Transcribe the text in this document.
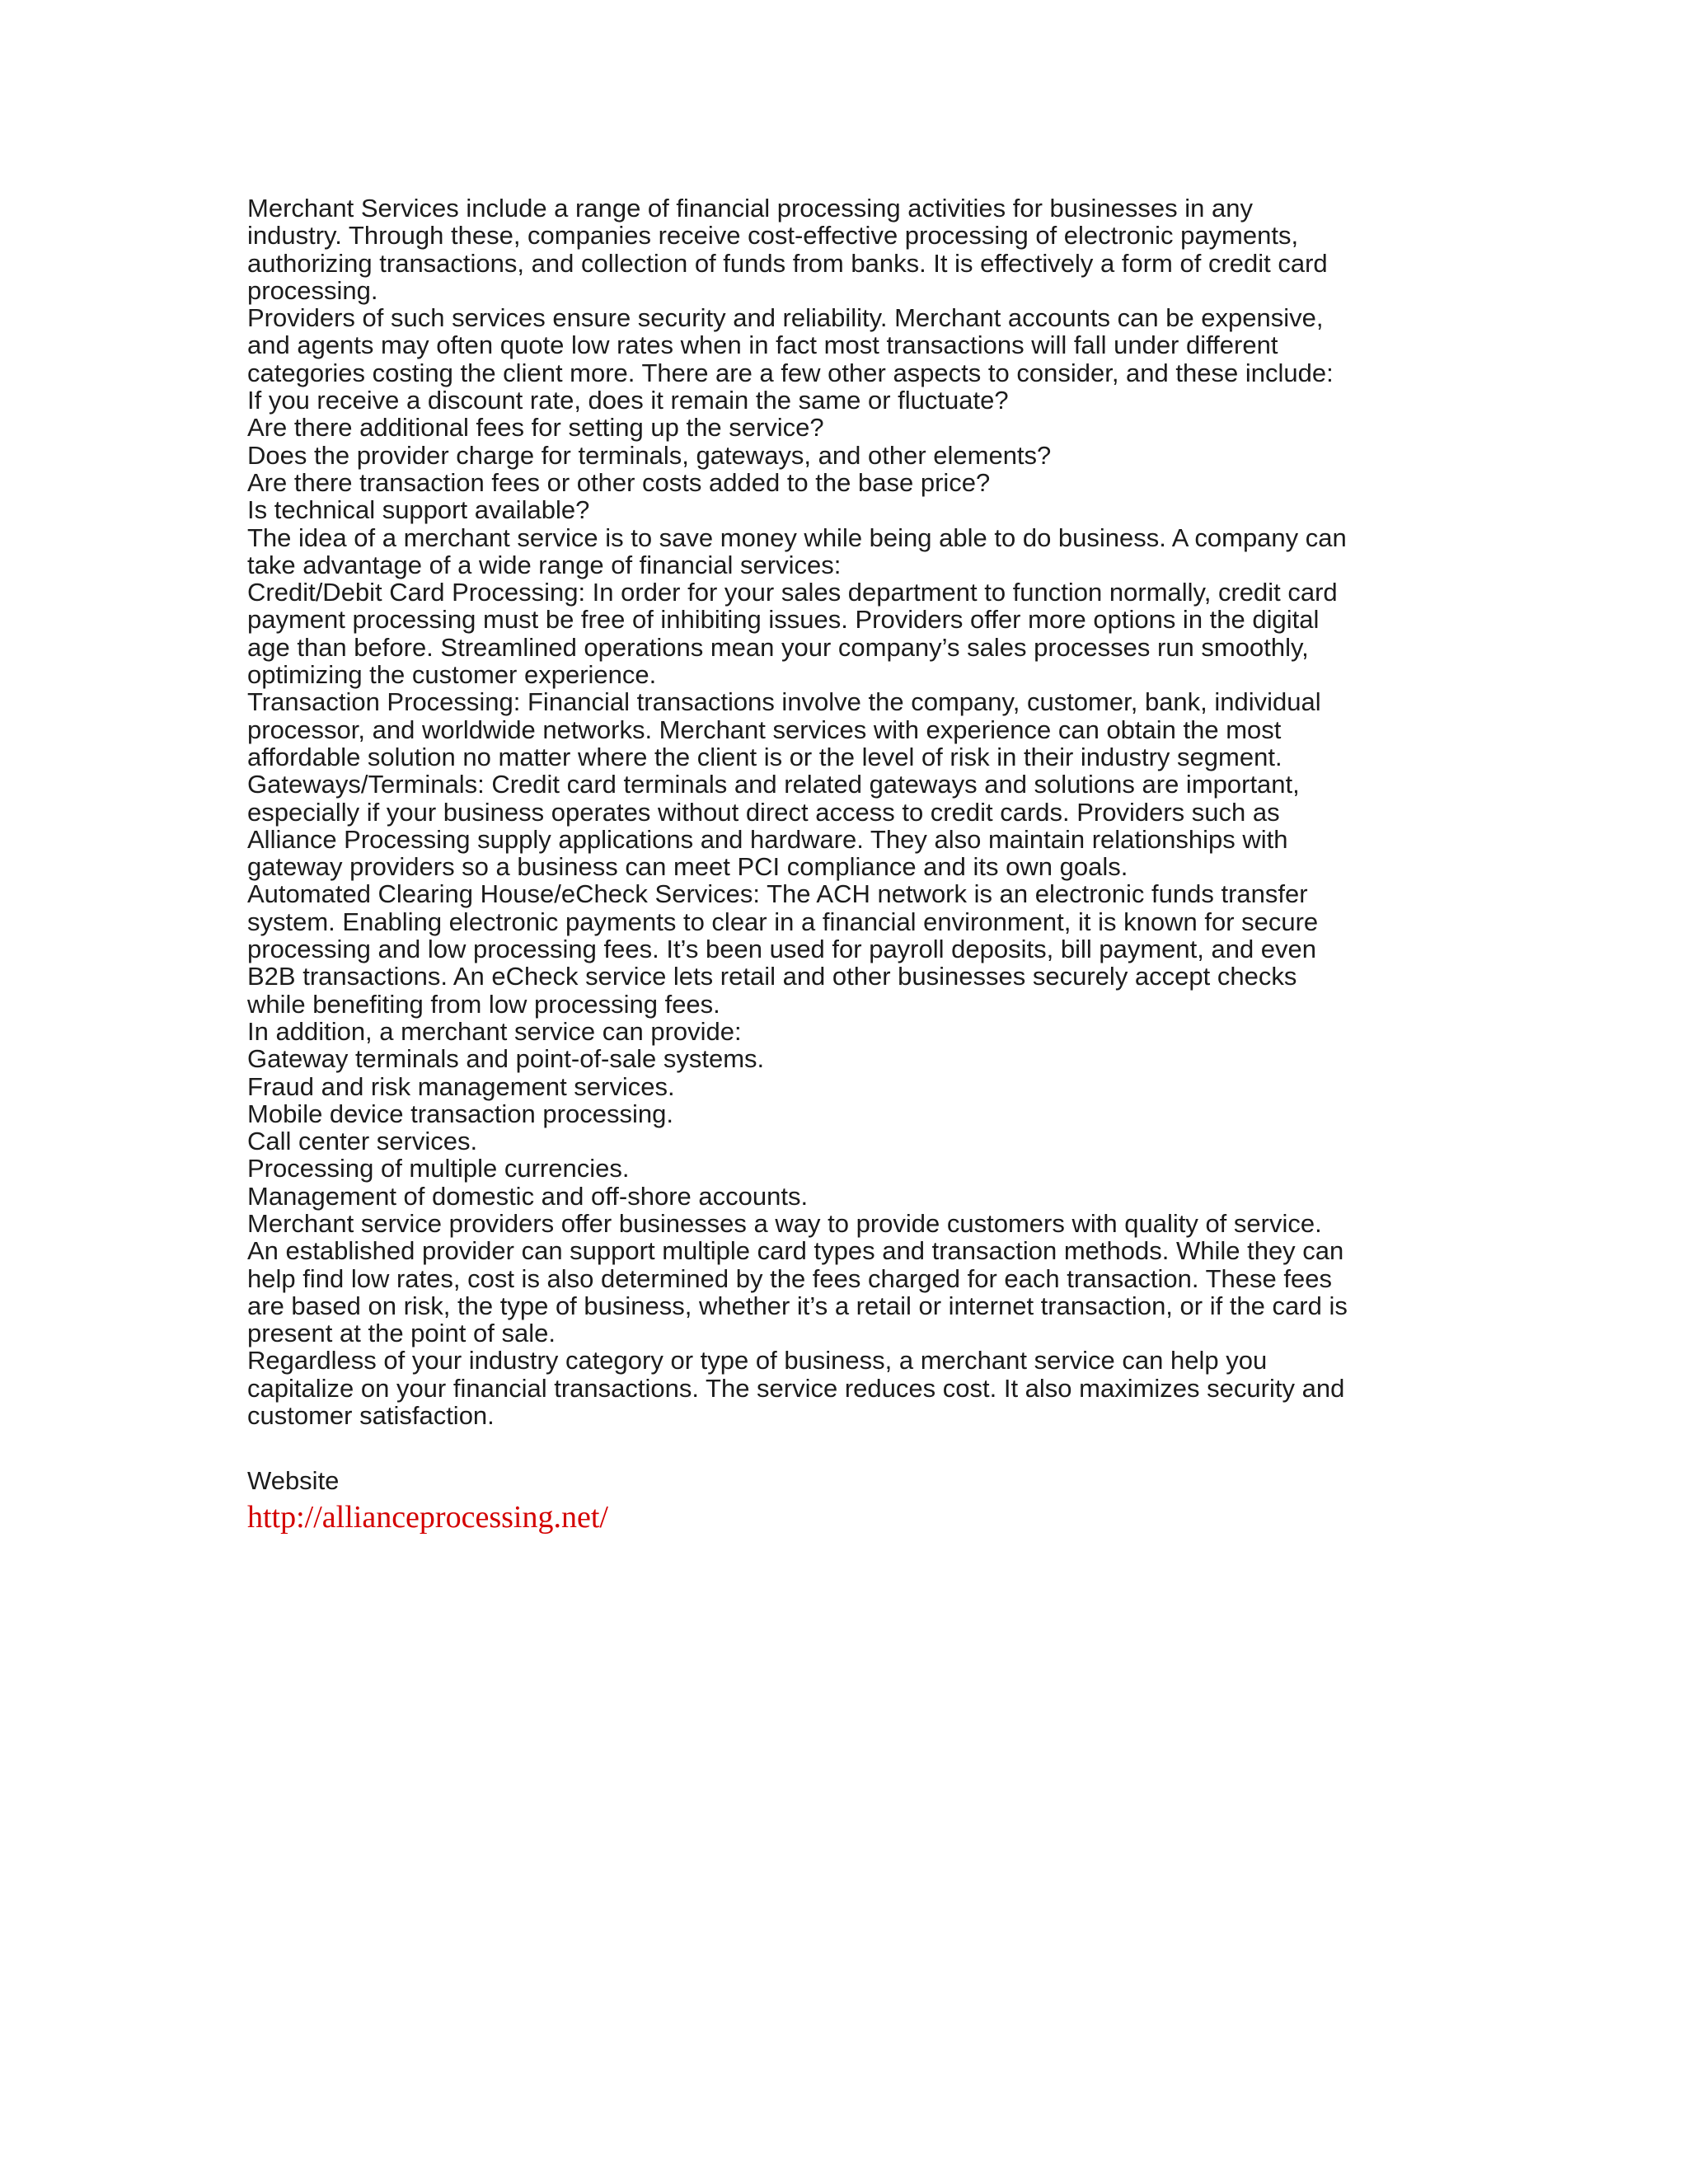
Merchant Services include a range of financial processing activities for businesses in any
industry. Through these, companies receive cost-effective processing of electronic payments,
authorizing transactions, and collection of funds from banks. It is effectively a form of credit card
processing.
Providers of such services ensure security and reliability. Merchant accounts can be expensive,
and agents may often quote low rates when in fact most transactions will fall under different
categories costing the client more. There are a few other aspects to consider, and these include:
If you receive a discount rate, does it remain the same or fluctuate?
Are there additional fees for setting up the service?
Does the provider charge for terminals, gateways, and other elements?
Are there transaction fees or other costs added to the base price?
Is technical support available?
The idea of a merchant service is to save money while being able to do business. A company can
take advantage of a wide range of financial services:
Credit/Debit Card Processing: In order for your sales department to function normally, credit card
payment processing must be free of inhibiting issues. Providers offer more options in the digital
age than before. Streamlined operations mean your company’s sales processes run smoothly,
optimizing the customer experience.
Transaction Processing: Financial transactions involve the company, customer, bank, individual
processor, and worldwide networks. Merchant services with experience can obtain the most
affordable solution no matter where the client is or the level of risk in their industry segment.
Gateways/Terminals: Credit card terminals and related gateways and solutions are important,
especially if your business operates without direct access to credit cards. Providers such as
Alliance Processing supply applications and hardware. They also maintain relationships with
gateway providers so a business can meet PCI compliance and its own goals.
Automated Clearing House/eCheck Services: The ACH network is an electronic funds transfer
system. Enabling electronic payments to clear in a financial environment, it is known for secure
processing and low processing fees. It’s been used for payroll deposits, bill payment, and even
B2B transactions. An eCheck service lets retail and other businesses securely accept checks
while benefiting from low processing fees.
In addition, a merchant service can provide:
Gateway terminals and point-of-sale systems.
Fraud and risk management services.
Mobile device transaction processing.
Call center services.
Processing of multiple currencies.
Management of domestic and off-shore accounts.
Merchant service providers offer businesses a way to provide customers with quality of service.
An established provider can support multiple card types and transaction methods. While they can
help find low rates, cost is also determined by the fees charged for each transaction. These fees
are based on risk, the type of business, whether it’s a retail or internet transaction, or if the card is
present at the point of sale.
Regardless of your industry category or type of business, a merchant service can help you
capitalize on your financial transactions. The service reduces cost. It also maximizes security and
customer satisfaction.
Website
http://allianceprocessing.net/
